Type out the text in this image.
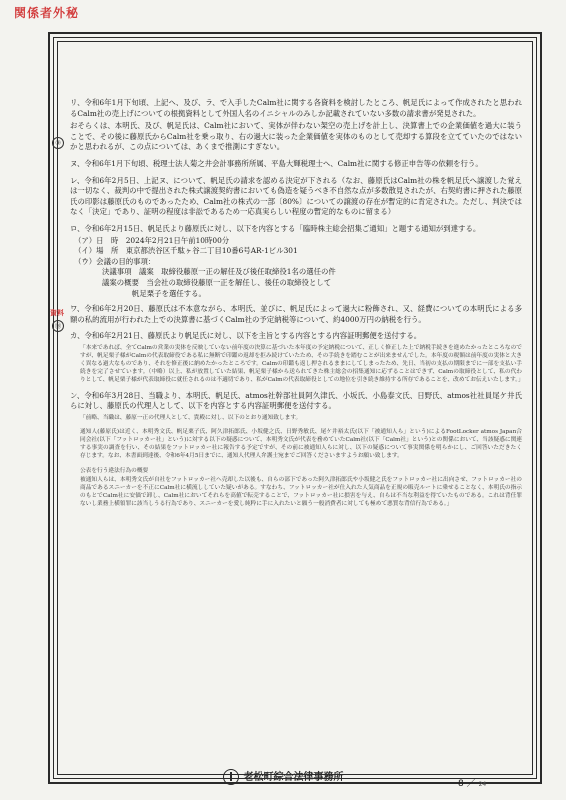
関係者外秘
⑨
資料
⑱

リ、令和6年1月下旬頃、上記ヘ、及び、ラ、で入手したCalm社に関する各資料を検討したところ、帆足氏によって作成されたと思われるCalm社の売上げについての根拠資料として外国人名のイニシャルのみしか記載されていない多数の請求書が発見された。

おそらくは、本明氏、及び、帆足氏は、Calm社において、実体が伴わない架空の売上げを計上し、決算書上での企業価値を過大に装うことで、その後に藤原氏からCalm社を乗っ取り、右の過大に装った企業価値を実体のものとして売却する算段を立てていたのではないかと思われるが、この点については、あくまで推測にすぎない。

ヌ、令和6年1月下旬頃、税理士法人菊之井会計事務所所属、平島大輝税理士へ、Calm社に関する修正申告等の依頼を行う。

レ、令和6年2月5日、上記ヌ、について、帆足氏の請求を認める決定が下される（なお、藤原氏はCalm社の株を帆足氏へ譲渡した覚えは一切なく、裁判の中で提出された株式譲渡契約書においても偽造を疑うべき不自然な点が多数散見されたが、右契約書に押された藤原氏の印影は藤原氏のものであったため、Calm社の株式の一部〔80%〕についての譲渡の存在が暫定的に肯定された。ただし、判決ではなく「決定」であり、証明の程度は非訟であるため一応真実らしい程度の暫定的なものに留まる）

ロ、令和6年2月15日、帆足氏より藤原氏に対し、以下を内容とする「臨時株主総会招集ご通知」と題する通知が到達する。

（ア）日　時　2024年2月21日午前10時00分
（イ）場　所　東京都渋谷区千駄ヶ谷二丁目10番6号AR-1ビル301
（ウ）会議の目的事項：
決議事項　議案　取締役藤原一正の解任及び後任取締役1名の選任の件
議案の概要　当会社の取締役藤原一正を解任し、後任の取締役として
帆足栗子を選任する。

ワ、令和6年2月20日、藤原氏は不本意ながら、本明氏、並びに、帆足氏によって過大に粉飾され、又、経費についての本明氏による多額の私的流用が行われた上での決算書に基づくCalm社の予定納税等について、約4000万円の納税を行う。

カ、令和6年2月21日、藤原氏より帆足氏に対し、以下を主旨とする内容とする内容証明郵便を送付する。

「本来であれば、全てCalmの営業の実体を反映していない前年度の決算に基づいた本年度の予定納税について、正しく修正した上で納税手続きを進めたかったところなのですが、帆足栗子様がCalmの代表取締役である私に無断で印鑑の返却を拒み続けていたため、その手続きを踏むことが出来ませんでした。本年度の税額は前年度の実体と大きく異なる過大なものであり、それを修正後に納めたかったところです。Calmの印鑑も返し押されるままにしてしまったため、先日、当初の支払の期限までに一部を支払い手続きを完了させています。（中略）以上、私が放置していた結果、帆足栗子様から送られてきた株主総会の招集通知に応ずることはできず、Calmの取締役として、私の代わりとして、帆足栗子様が代表取締役に就任されるのは不適切であり、私がCalmの代表取締役としての地位を引き続き維持する所存であることを、改めてお伝えいたします。」

ン、令和6年3月28日、当職より、本明氏、帆足氏、atmos社幹部社員阿久津氏、小坂氏、小島泰文氏、日野氏、atmos社社員尾ケ井氏らに対し、藤原氏の代理人として、以下を内容とする内容証明郵便を送付する。

「前略、当職は、藤原一正の代理人として、貴殿に対し、以下のとおり通知致します。

通知人(藤原氏)は近く、本明秀文氏、帆足栗子氏、阿久津拓郎氏、小坂健之氏、日野秀敏氏、尾ケ井裕太氏(以下「被通知人ら」という)によるFootLocker atmos Japan合同会社(以下「フットロッカー社」という)に対する以下の疑惑について、本明秀文氏が代表を務めていたCalm社(以下「Calm社」という)との関係において、当該疑惑に関連する事実の調査を行い、その結果をフットロッカー社に報告する予定ですが、その前に被通知人らに対し、以下の疑惑について事実関係を明らかにし、ご回答いただきたく存じます。なお、本書面到達後、令和6年4月5日までに、通知人代理人弁護士宛までご回答くださいますようお願い致します。

公表を行う違法行為の概要

被通知人らは、本明秀文氏が自社をフットロッカー社へ売却した以後も、自らの部下であった阿久津拓郎氏や小坂健之氏をフットロッカー社に出向させ、フットロッカー社の商品であるスニーカーを不正にCalm社に横流ししていた疑いがある。すなわち、フットロッカー社が仕入れた人気商品を正規の販売ルートに乗せることなく、本明氏の指示のもとでCalm社に安価で卸し、Calm社においてそれらを高値で転売することで、フットロッカー社に損害を与え、自らは不当な利益を得ていたものである。これは背任罪ないし業務上横領罪に該当しうる行為であり、スニーカーを愛し純粋に手に入れたいと願う一般消費者に対しても極めて悪質な背信行為である。」

老松町綜合法律事務所
8 ／ 24
